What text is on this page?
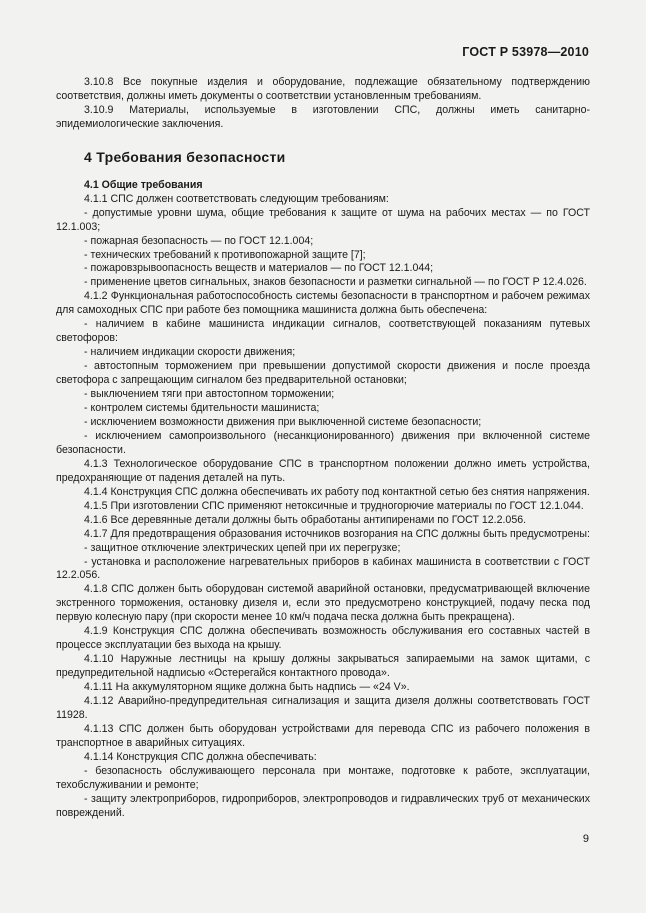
ГОСТ Р 53978—2010

3.10.8 Все покупные изделия и оборудование, подлежащие обязательному подтверждению соответствия, должны иметь документы о соответствии установленным требованиям.

3.10.9 Материалы, используемые в изготовлении СПС, должны иметь санитарно-эпидемиологические заключения.

4 Требования безопасности

4.1 Общие требования

4.1.1 СПС должен соответствовать следующим требованиям:

- допустимые уровни шума, общие требования к защите от шума на рабочих местах — по ГОСТ 12.1.003;

- пожарная безопасность — по ГОСТ 12.1.004;

- технических требований к противопожарной защите [7];

- пожаровзрывоопасность веществ и материалов — по ГОСТ 12.1.044;

- применение цветов сигнальных, знаков безопасности и разметки сигнальной — по ГОСТ Р 12.4.026.

4.1.2 Функциональная работоспособность системы безопасности в транспортном и рабочем режимах для самоходных СПС при работе без помощника машиниста должна быть обеспечена:

- наличием в кабине машиниста индикации сигналов, соответствующей показаниям путевых светофоров:

- наличием индикации скорости движения;

- автостопным торможением при превышении допустимой скорости движения и после проезда светофора с запрещающим сигналом без предварительной остановки;

- выключением тяги при автостопном торможении;

- контролем системы бдительности машиниста;

- исключением возможности движения при выключенной системе безопасности;

- исключением самопроизвольного (несанкционированного) движения при включенной системе безопасности.

4.1.3 Технологическое оборудование СПС в транспортном положении должно иметь устройства, предохраняющие от падения деталей на путь.

4.1.4 Конструкция СПС должна обеспечивать их работу под контактной сетью без снятия напряжения.

4.1.5 При изготовлении СПС применяют нетоксичные и трудногорючие материалы по ГОСТ 12.1.044.

4.1.6 Все деревянные детали должны быть обработаны антипиренами по ГОСТ 12.2.056.

4.1.7 Для предотвращения образования источников возгорания на СПС должны быть предусмотрены:

- защитное отключение электрических цепей при их перегрузке;

- установка и расположение нагревательных приборов в кабинах машиниста в соответствии с ГОСТ 12.2.056.

4.1.8 СПС должен быть оборудован системой аварийной остановки, предусматривающей включение экстренного торможения, остановку дизеля и, если это предусмотрено конструкцией, подачу песка под первую колесную пару (при скорости менее 10 км/ч подача песка должна быть прекращена).

4.1.9 Конструкция СПС должна обеспечивать возможность обслуживания его составных частей в процессе эксплуатации без выхода на крышу.

4.1.10 Наружные лестницы на крышу должны закрываться запираемыми на замок щитами, с предупредительной надписью «Остерегайся контактного провода».

4.1.11 На аккумуляторном ящике должна быть надпись — «24 V».

4.1.12 Аварийно-предупредительная сигнализация и защита дизеля должны соответствовать ГОСТ 11928.

4.1.13 СПС должен быть оборудован устройствами для перевода СПС из рабочего положения в транспортное в аварийных ситуациях.

4.1.14 Конструкция СПС должна обеспечивать:

- безопасность обслуживающего персонала при монтаже, подготовке к работе, эксплуатации, техобслуживании и ремонте;

- защиту электроприборов, гидроприборов, электропроводов и гидравлических труб от механических повреждений.

9
